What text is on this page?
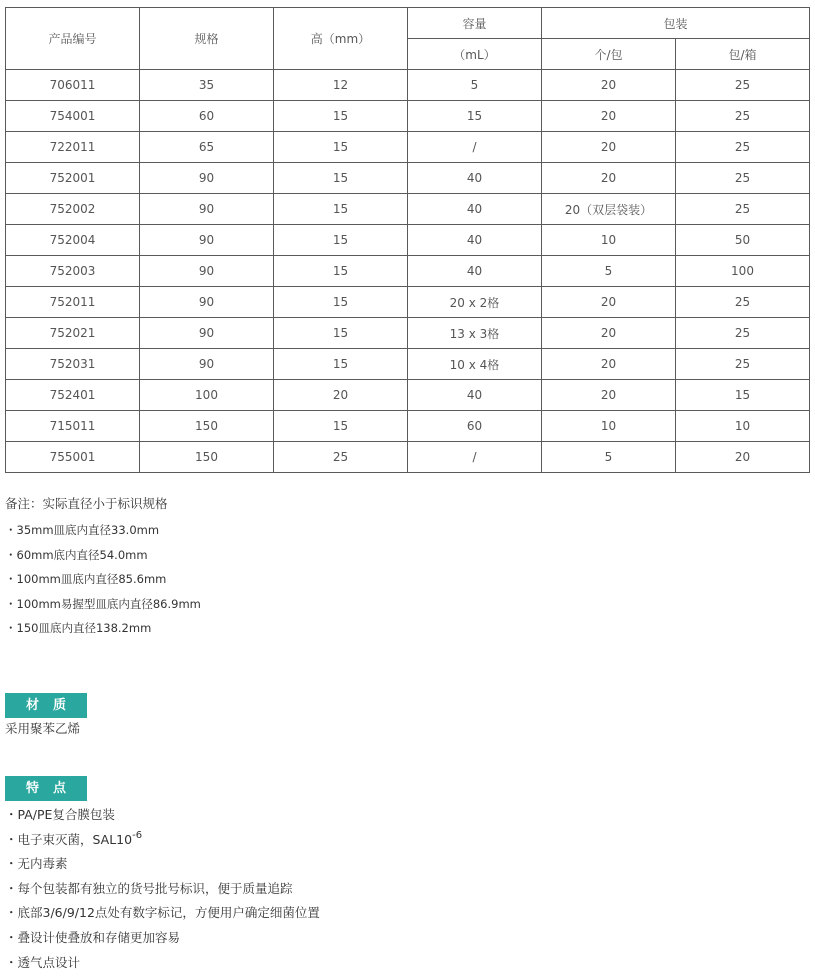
产品编号	规格	高（mm）	容量	包装	
			（mL）	个/包	包/箱
706011	35	12	5	20	25
754001	60	15	15	20	25
722011	65	15	/	20	25
752001	90	15	40	20	25
752002	90	15	40	20（双层袋装）	25
752004	90	15	40	10	50
752003	90	15	40	5	100
752011	90	15	20 x 2格	20	25
752021	90	15	13 x 3格	20	25
752031	90	15	10 x 4格	20	25
752401	100	20	40	20	15
715011	150	15	60	10	10
755001	150	25	/	5	20
备注：实际直径小于标识规格
・35mm皿底内直径33.0mm
・60mm底内直径54.0mm
・100mm皿底内直径85.6mm
・100mm易握型皿底内直径86.9mm
・150皿底内直径138.2mm
材质
采用聚苯乙烯
特点
・PA/PE复合膜包装
・电子束灭菌，$SAL10^{-6}$
・无内毒素
・每个包装都有独立的货号批号标识，便于质量追踪
・底部3/6/9/12点处有数字标记，方便用户确定细菌位置
・叠设计使叠放和存储更加容易
・透气点设计
